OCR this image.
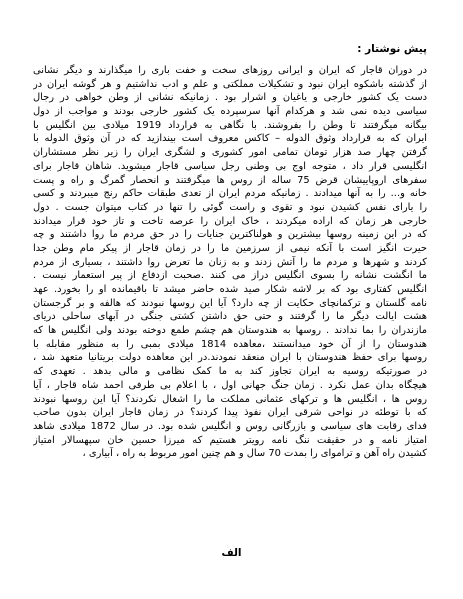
پیش نوشتار :
در دوران قاجار که ایران و ایرانی روزهای سخت و خفت باری را میگذارند و دیگر نشانی
از گذشته باشکوه ایران نبود و تشکیلات مملکتی و علم و ادب نداشتیم و هر گوشه ایران در
دست یک کشور خارجی و یاغیان و اشرار بود . زمانیکه نشانی از وطن خواهی در رجال
سیاسی دیده نمی شد و هرکدام آنها سرسپرده یک کشور خارجی بودند و مواجب از دول
بیگانه میگرفتند تا وطن را بفروشند. با نگاهی به قرارداد 1919 میلادی بین انگلیس با
ایران که به قرارداد وثوق الدوله – کاکس معروف است بیندازید که در آن وثوق الدوله با
گرفتن چهار صد هزار تومان تمامی امور کشوری و لشگری ایران را زیر نظر مستشاران
انگلیسی قرار داد ، متوجه اوج بی وطنی رجل سیاسی قاجار میشوید. شاهان قاجار برای
سفرهای اروپاییشان قرض 75 ساله از روس ها میگرفتند و انحصار گمرگ و راه و پست
خانه و... را به آنها میدادند . زمانیکه مردم ایران از تعدی طبقات حاکم رنج میبردند و کسی
را یارای نفس کشیدن نبود و تقوی و راست گوئی را تنها در کتاب میتوان جست . دول
خارجی هر زمان که اراده میکردند ، خاک ایران را عرصه تاخت و تاز خود قرار میدادند
که در این زمینه روسها بیشترین و هولناکترین جنایات را در حق مردم ما روا داشتند و چه
حیرت انگیز است با آنکه نیمی از سرزمین ما را در زمان قاجار از پیکر مام وطن جدا
کردند و شهرها و مردم ما را آتش زدند و به زنان ما تعرض روا داشتند ، بسیاری از مردم
ما انگشت نشانه را بسوی انگلیس دراز می کنند .صحبت ازدفاع از پیر استعمار نیست .
انگلیس کفتاری بود که بر لاشه شکار صید شده حاضر میشد تا باقیمانده او را بخورد. عهد
نامه گلستان و ترکمانچای حکایت از چه دارد؟ آیا این روسها نبودند که هالفه و بر گرجستان
هشت ایالت دیگر ما را گرفتند و حتی حق داشتن کشتی جنگی در آبهای ساحلی دریای
مازندران را بما ندادند . روسها به هندوستان هم چشم طمع دوخته بودند ولی انگلیس ها که
هندوستان را از آن خود میدانستند ،معاهده 1814 میلادی بمبی را به منظور مقابله با
روسها برای حفظ هندوستان با ایران منعقد نمودند.در این معاهده دولت بریتانیا متعهد شد ،
در صورتیکه روسیه به ایران تجاوز کند به ما کمک نظامی و مالی بدهد . تعهدی که
هیچگاه بدان عمل نکرد . زمان جنگ جهانی اول ، با اعلام بی طرفی احمد شاه قاجار ، آیا
روس ها ، انگلیس ها و ترکهای عثمانی مملکت ما را اشغال نکردند؟ آیا این روسها نبودند
که با توطئه در نواحی شرقی ایران نفوذ پیدا کردند؟ در زمان قاجار ایران بدون صاحب
فدای رقابت های سیاسی و بازرگانی روس و انگلیس شده بود. در سال 1872 میلادی شاهد
امتیاز نامه و در حقیقت ننگ نامه رویتر هستیم که میرزا حسین خان سپهسالار امتیاز
کشیدن راه آهن و ترامواى را بمدت 70 سال و هم چنین امور مربوط به راه ، آبیاری ،
الف
